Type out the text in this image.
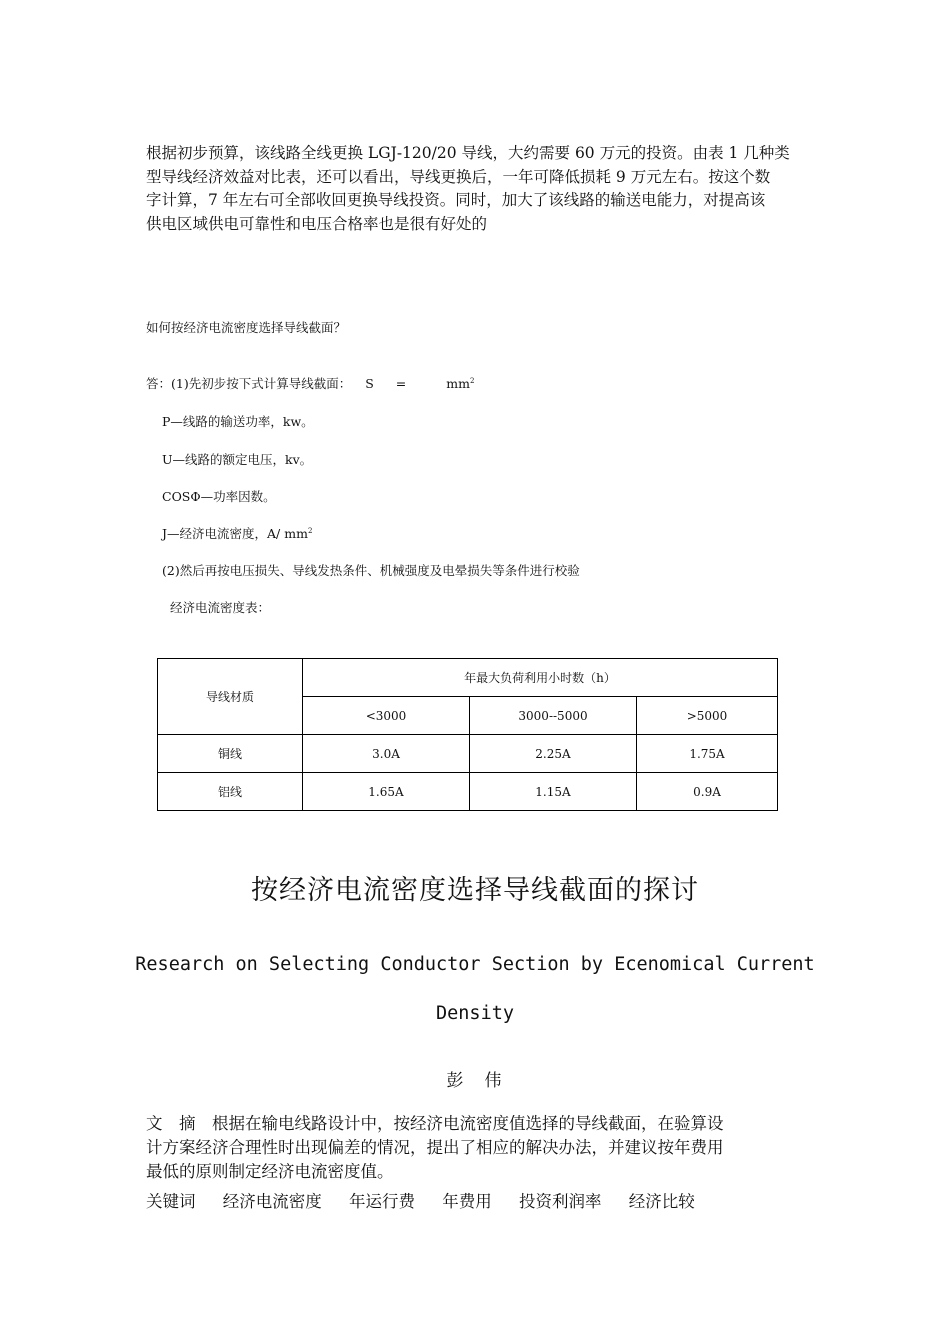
根据初步预算，该线路全线更换 LGJ-120/20 导线，大约需要 60 万元的投资。由表 1 几种类
型导线经济效益对比表，还可以看出，导线更换后，一年可降低损耗 9 万元左右。按这个数
字计算，7 年左右可全部收回更换导线投资。同时，加大了该线路的输送电能力，对提高该
供电区域供电可靠性和电压合格率也是很有好处的
如何按经济电流密度选择导线截面？
答：(1)先初步按下式计算导线截面： S =	$mm^2$
P—线路的输送功率，kw。
U—线路的额定电压，kv。
COSΦ—功率因数。
J—经济电流密度，A/ $mm^2$
(2)然后再按电压损失、导线发热条件、机械强度及电晕损失等条件进行校验
经济电流密度表：
导线材质	年最大负荷利用小时数（h）		
	<3000	3000--5000	>5000
铜线	3.0A	2.25A	1.75A
铝线	1.65A	1.15A	0.9A
按经济电流密度选择导线截面的探讨
Research on Selecting Conductor Section by Ecenomical Current
Density
彭　伟
文　摘　根据在输电线路设计中，按经济电流密度值选择的导线截面，在验算设
计方案经济合理性时出现偏差的情况，提出了相应的解决办法，并建议按年费用
最低的原则制定经济电流密度值。
关键词 经济电流密度 年运行费 年费用 投资利润率 经济比较
